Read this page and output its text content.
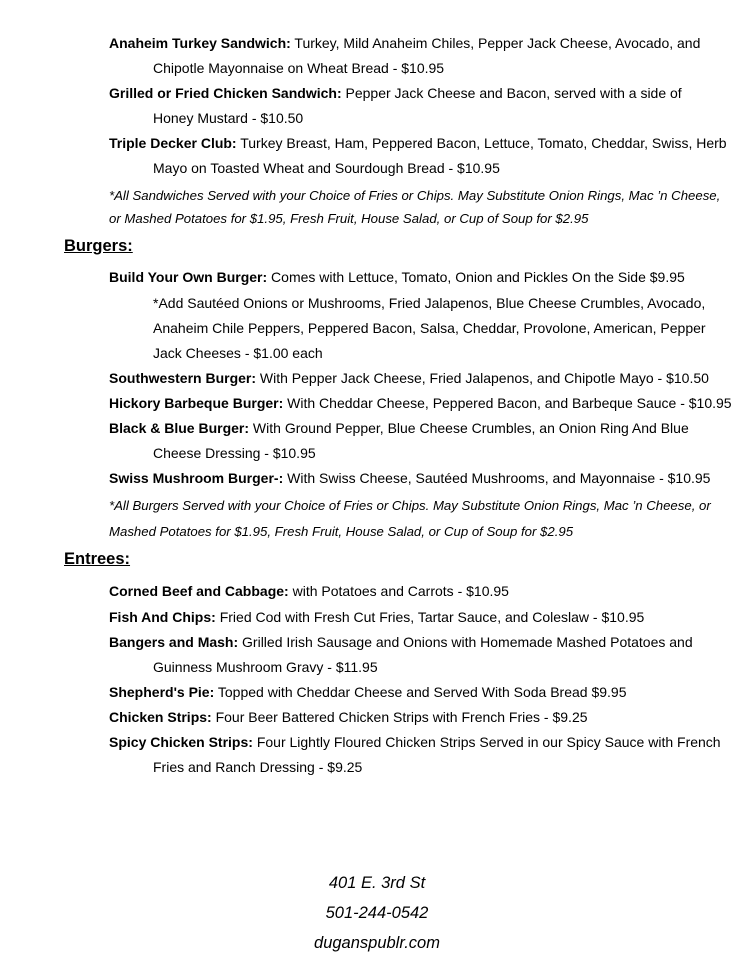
Anaheim Turkey Sandwich: Turkey, Mild Anaheim Chiles, Pepper Jack Cheese, Avocado, and
Chipotle Mayonnaise on Wheat Bread - $10.95
Grilled or Fried Chicken Sandwich: Pepper Jack Cheese and Bacon, served with a side of
Honey Mustard - $10.50
Triple Decker Club: Turkey Breast, Ham, Peppered Bacon, Lettuce, Tomato, Cheddar, Swiss, Herb
Mayo on Toasted Wheat and Sourdough Bread - $10.95
*All Sandwiches Served with your Choice of Fries or Chips. May Substitute Onion Rings, Mac ’n Cheese,
or Mashed Potatoes for $1.95, Fresh Fruit, House Salad, or Cup of Soup for $2.95
Burgers:
Build Your Own Burger: Comes with Lettuce, Tomato, Onion and Pickles On the Side $9.95
*Add Sautéed Onions or Mushrooms, Fried Jalapenos, Blue Cheese Crumbles, Avocado,
Anaheim Chile Peppers, Peppered Bacon, Salsa, Cheddar, Provolone, American, Pepper
Jack Cheeses - $1.00 each
Southwestern Burger: With Pepper Jack Cheese, Fried Jalapenos, and Chipotle Mayo - $10.50
Hickory Barbeque Burger: With Cheddar Cheese, Peppered Bacon, and Barbeque Sauce - $10.95
Black & Blue Burger: With Ground Pepper, Blue Cheese Crumbles, an Onion Ring And Blue
Cheese Dressing - $10.95
Swiss Mushroom Burger-: With Swiss Cheese, Sautéed Mushrooms, and Mayonnaise - $10.95
*All Burgers Served with your Choice of Fries or Chips. May Substitute Onion Rings, Mac ’n Cheese, or
Mashed Potatoes for $1.95, Fresh Fruit, House Salad, or Cup of Soup for $2.95
Entrees:
Corned Beef and Cabbage: with Potatoes and Carrots - $10.95
Fish And Chips: Fried Cod with Fresh Cut Fries, Tartar Sauce, and Coleslaw - $10.95
Bangers and Mash: Grilled Irish Sausage and Onions with Homemade Mashed Potatoes and
Guinness Mushroom Gravy - $11.95
Shepherd's Pie: Topped with Cheddar Cheese and Served With Soda Bread $9.95
Chicken Strips: Four Beer Battered Chicken Strips with French Fries - $9.25
Spicy Chicken Strips: Four Lightly Floured Chicken Strips Served in our Spicy Sauce with French
Fries and Ranch Dressing - $9.25
401 E. 3rd St
501-244-0542
duganspublr.com
